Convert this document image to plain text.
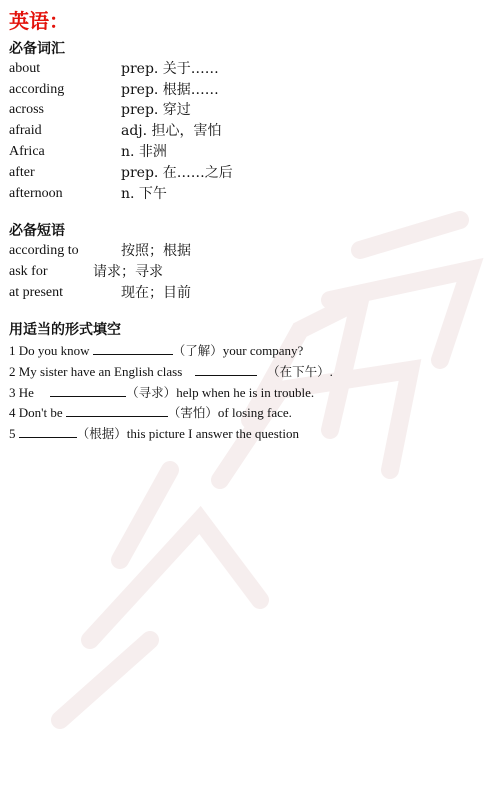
英语：
必备词汇
about	prep. 关于……
according	prep. 根据……
across	prep. 穿过
afraid	adj. 担心，害怕
Africa	n. 非洲
after	prep. 在……之后
afternoon	n. 下午
必备短语
according to	按照；根据
ask for	请求；寻求
at present	现在；目前
用适当的形式填空
1 Do you know	（了解）your company?
2 My sister have an English class	（在下午）.
3 He	（寻求）help when he is in trouble.
4 Don't be	（害怕）of losing face.
5	（根据）this picture I answer the question
